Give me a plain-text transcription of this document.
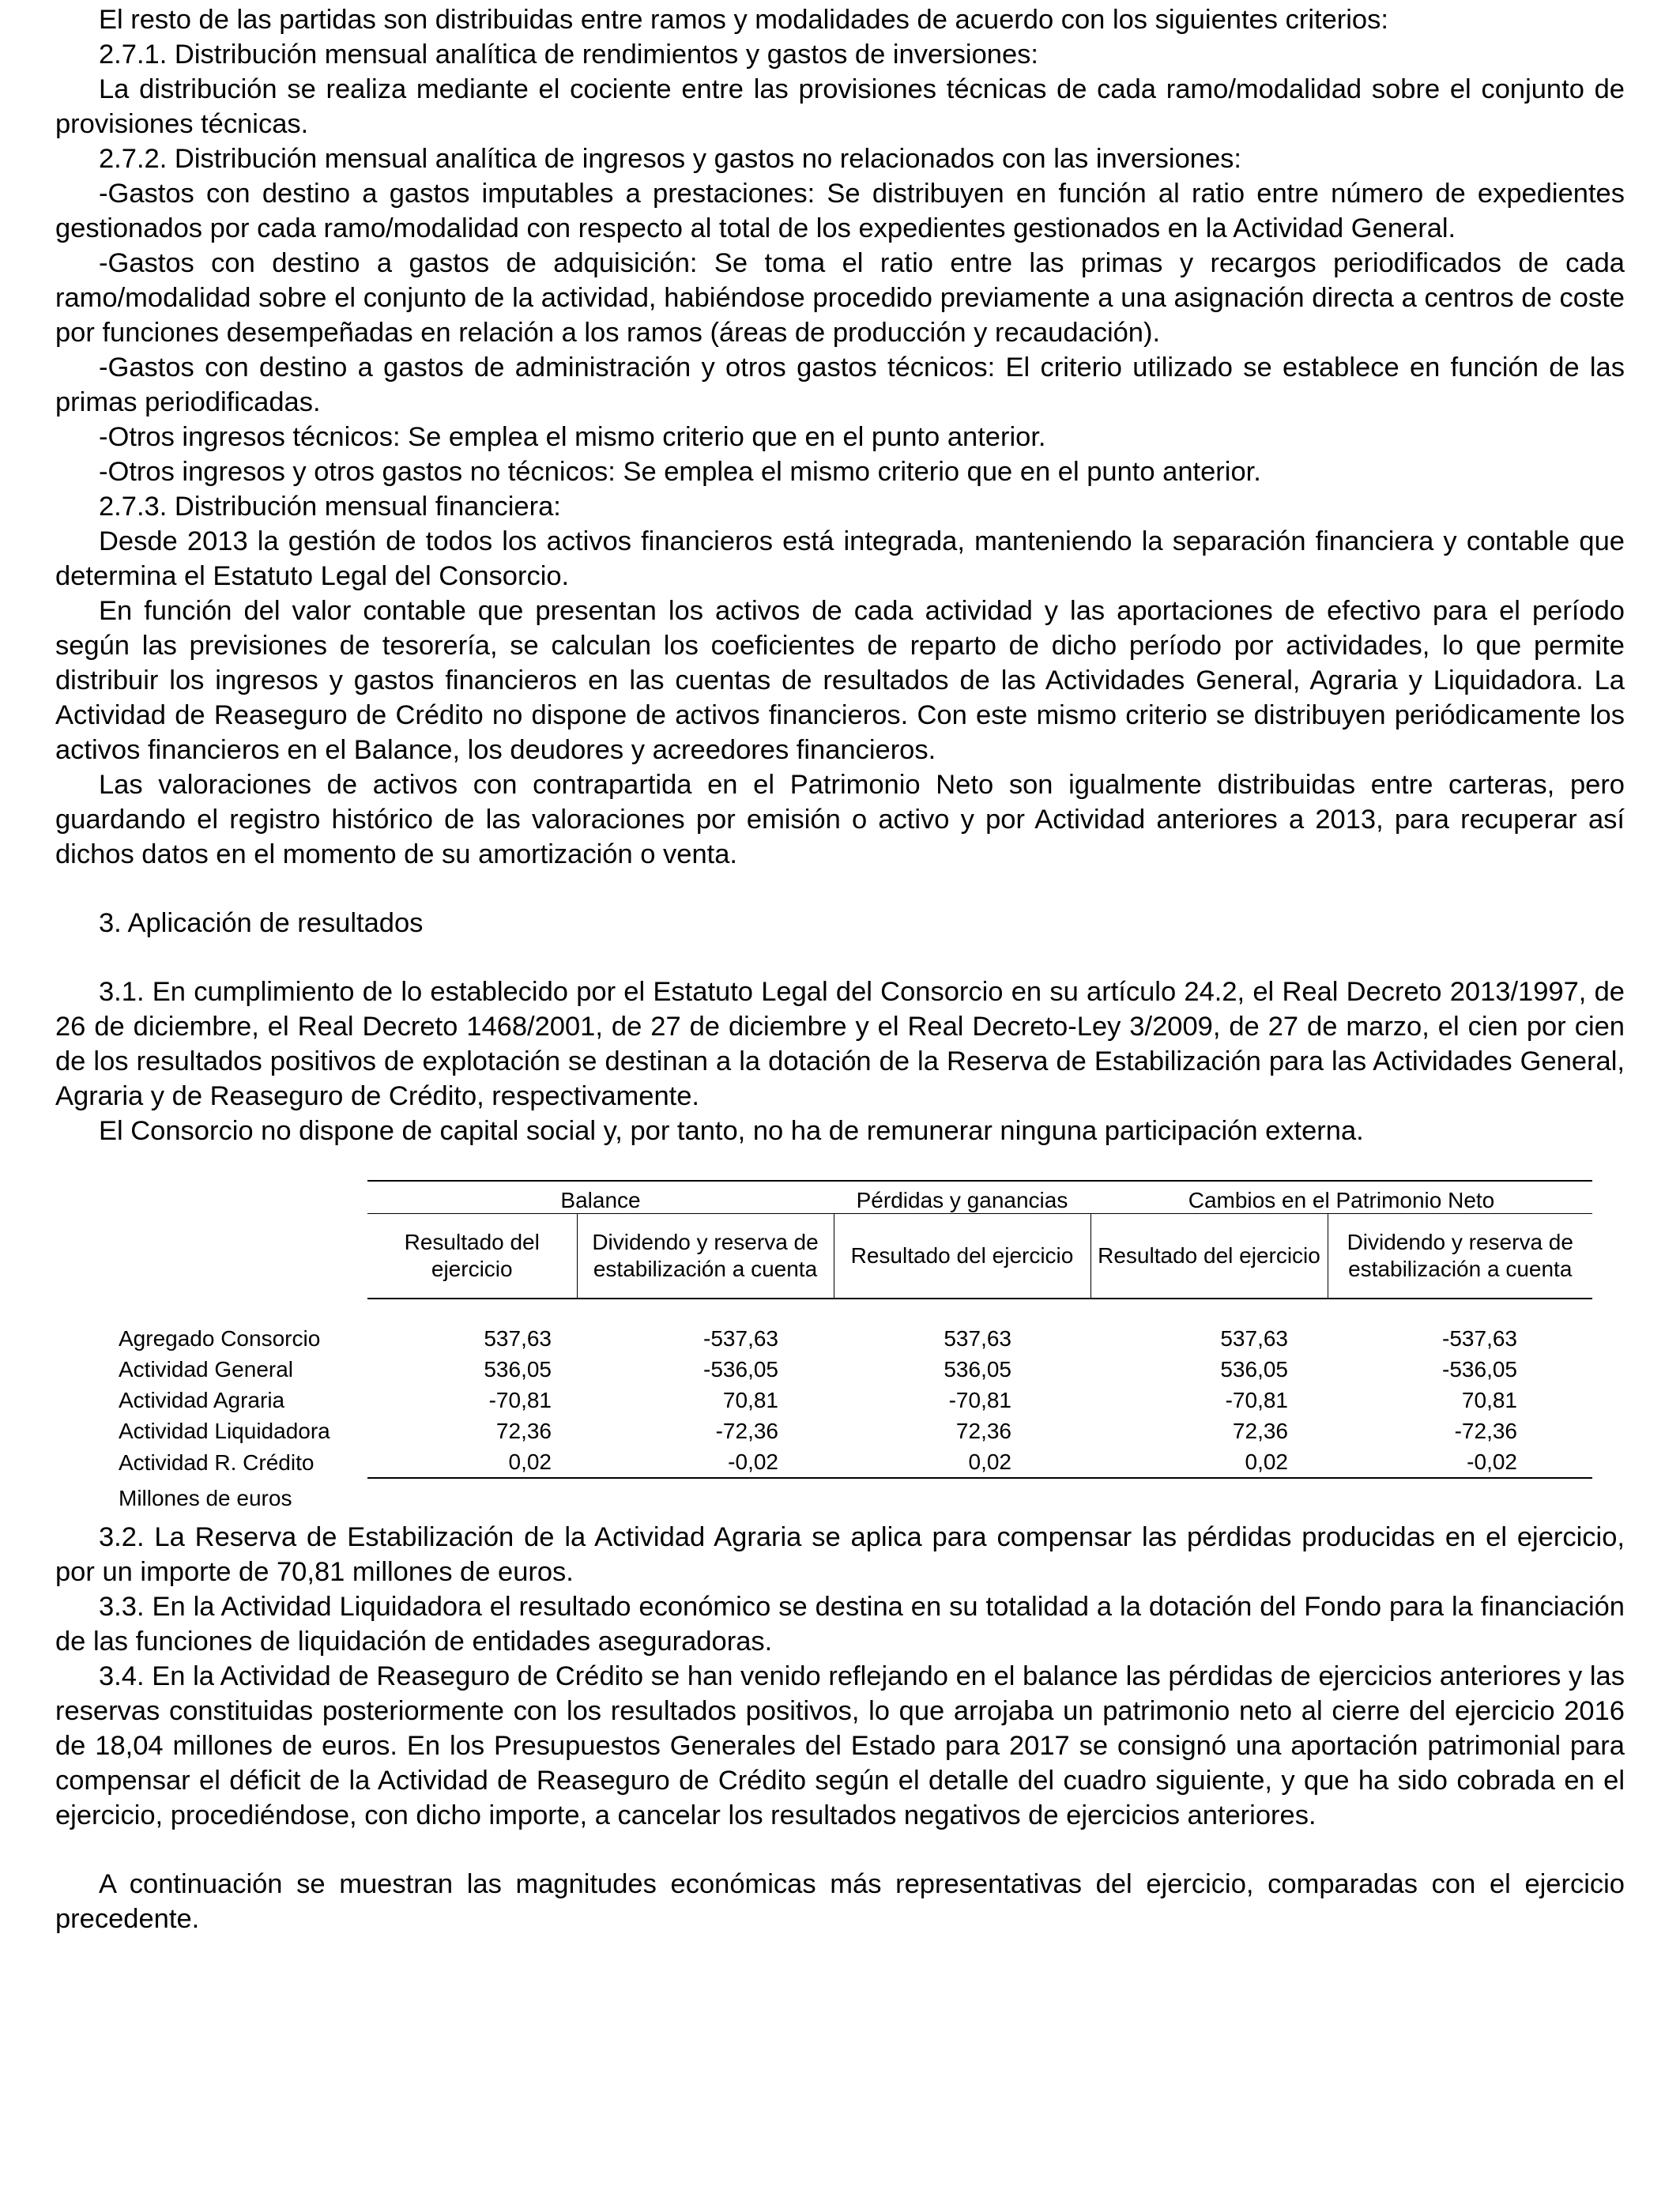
El resto de las partidas son distribuidas entre ramos y modalidades de acuerdo con los siguientes criterios:

2.7.1. Distribución mensual analítica de rendimientos y gastos de inversiones:

La distribución se realiza mediante el cociente entre las provisiones técnicas de cada ramo/modalidad sobre el conjunto de provisiones técnicas.

2.7.2. Distribución mensual analítica de ingresos y gastos no relacionados con las inversiones:

-Gastos con destino a gastos imputables a prestaciones: Se distribuyen en función al ratio entre número de expedientes gestionados por cada ramo/modalidad con respecto al total de los expedientes gestionados en la Actividad General.

-Gastos con destino a gastos de adquisición: Se toma el ratio entre las primas y recargos periodificados de cada ramo/modalidad sobre el conjunto de la actividad, habiéndose procedido previamente a una asignación directa a centros de coste por funciones desempeñadas en relación a los ramos (áreas de producción y recaudación).

-Gastos con destino a gastos de administración y otros gastos técnicos: El criterio utilizado se establece en función de las primas periodificadas.

-Otros ingresos técnicos: Se emplea el mismo criterio que en el punto anterior.

-Otros ingresos y otros gastos no técnicos: Se emplea el mismo criterio que en el punto anterior.

2.7.3. Distribución mensual financiera:

Desde 2013 la gestión de todos los activos financieros está integrada, manteniendo la separación financiera y contable que determina el Estatuto Legal del Consorcio.

En función del valor contable que presentan los activos de cada actividad y las aportaciones de efectivo para el período según las previsiones de tesorería, se calculan los coeficientes de reparto de dicho período por actividades, lo que permite distribuir los ingresos y gastos financieros en las cuentas de resultados de las Actividades General, Agraria y Liquidadora. La Actividad de Reaseguro de Crédito no dispone de activos financieros. Con este mismo criterio se distribuyen periódicamente los activos financieros en el Balance, los deudores y acreedores financieros.

Las valoraciones de activos con contrapartida en el Patrimonio Neto son igualmente distribuidas entre carteras, pero guardando el registro histórico de las valoraciones por emisión o activo y por Actividad anteriores a 2013, para recuperar así dichos datos en el momento de su amortización o venta.

3. Aplicación de resultados

3.1. En cumplimiento de lo establecido por el Estatuto Legal del Consorcio en su artículo 24.2, el Real Decreto 2013/1997, de 26 de diciembre, el Real Decreto 1468/2001, de 27 de diciembre y el Real Decreto-Ley 3/2009, de 27 de marzo, el cien por cien de los resultados positivos de explotación se destinan a la dotación de la Reserva de Estabilización para las Actividades General, Agraria y de Reaseguro de Crédito, respectivamente.

El Consorcio no dispone de capital social y, por tanto, no ha de remunerar ninguna participación externa.

	Balance		Pérdidas y ganancias	Cambios en el Patrimonio Neto	
	Resultado del ejercicio	Dividendo y reserva de estabilización a cuenta	Resultado del ejercicio	Resultado del ejercicio	Dividendo y reserva de estabilización a cuenta

Agregado Consorcio	537,63	-537,63	537,63	537,63	-537,63
Actividad General	536,05	-536,05	536,05	536,05	-536,05
Actividad Agraria	-70,81	70,81	-70,81	-70,81	70,81
Actividad Liquidadora	72,36	-72,36	72,36	72,36	-72,36
Actividad R. Crédito	0,02	-0,02	0,02	0,02	-0,02
Millones de euros					

3.2. La Reserva de Estabilización de la Actividad Agraria se aplica para compensar las pérdidas producidas en el ejercicio, por un importe de 70,81 millones de euros.

3.3. En la Actividad Liquidadora el resultado económico se destina en su totalidad a la dotación del Fondo para la financiación de las funciones de liquidación de entidades aseguradoras.

3.4. En la Actividad de Reaseguro de Crédito se han venido reflejando en el balance las pérdidas de ejercicios anteriores y las reservas constituidas posteriormente con los resultados positivos, lo que arrojaba un patrimonio neto al cierre del ejercicio 2016 de 18,04 millones de euros. En los Presupuestos Generales del Estado para 2017 se consignó una aportación patrimonial para compensar el déficit de la Actividad de Reaseguro de Crédito según el detalle del cuadro siguiente, y que ha sido cobrada en el ejercicio, procediéndose, con dicho importe, a cancelar los resultados negativos de ejercicios anteriores.

A continuación se muestran las magnitudes económicas más representativas del ejercicio, comparadas con el ejercicio precedente.
